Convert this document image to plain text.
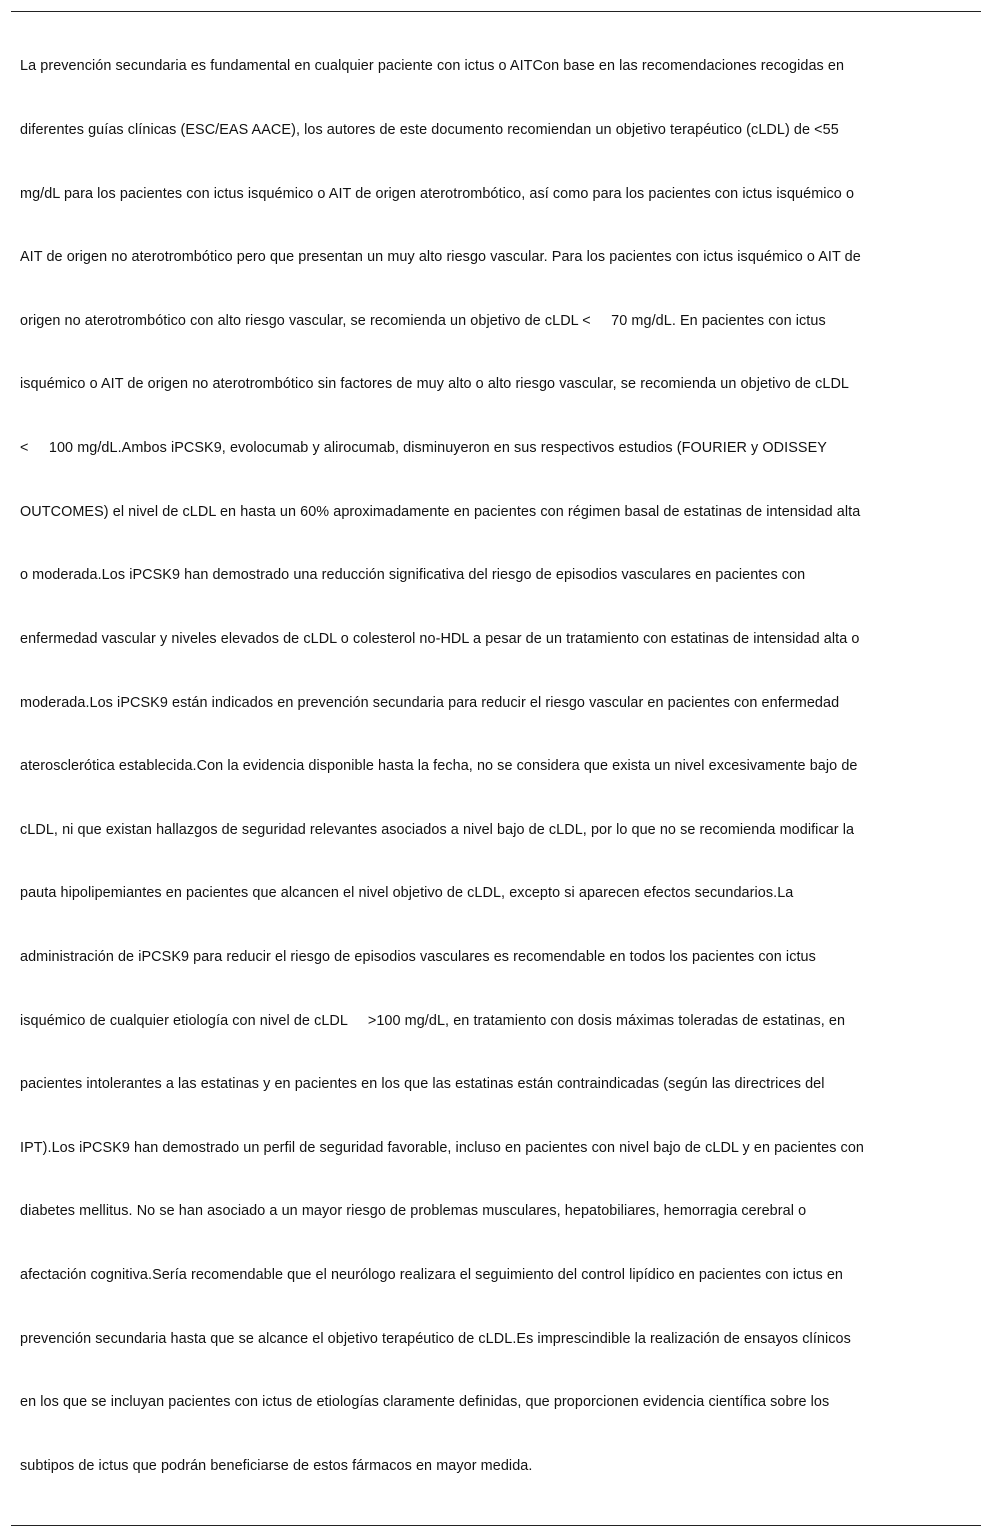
La prevención secundaria es fundamental en cualquier paciente con ictus o AITCon base en las recomendaciones recogidas en

diferentes guías clínicas (ESC/EAS AACE), los autores de este documento recomiendan un objetivo terapéutico (cLDL) de <55

mg/dL para los pacientes con ictus isquémico o AIT de origen aterotrombótico, así como para los pacientes con ictus isquémico o

AIT de origen no aterotrombótico pero que presentan un muy alto riesgo vascular. Para los pacientes con ictus isquémico o AIT de

origen no aterotrombótico con alto riesgo vascular, se recomienda un objetivo de cLDL <     70 mg/dL. En pacientes con ictus

isquémico o AIT de origen no aterotrombótico sin factores de muy alto o alto riesgo vascular, se recomienda un objetivo de cLDL

<     100 mg/dL.Ambos iPCSK9, evolocumab y alirocumab, disminuyeron en sus respectivos estudios (FOURIER y ODISSEY

OUTCOMES) el nivel de cLDL en hasta un 60% aproximadamente en pacientes con régimen basal de estatinas de intensidad alta

o moderada.Los iPCSK9 han demostrado una reducción significativa del riesgo de episodios vasculares en pacientes con

enfermedad vascular y niveles elevados de cLDL o colesterol no-HDL a pesar de un tratamiento con estatinas de intensidad alta o

moderada.Los iPCSK9 están indicados en prevención secundaria para reducir el riesgo vascular en pacientes con enfermedad

aterosclerótica establecida.Con la evidencia disponible hasta la fecha, no se considera que exista un nivel excesivamente bajo de

cLDL, ni que existan hallazgos de seguridad relevantes asociados a nivel bajo de cLDL, por lo que no se recomienda modificar la

pauta hipolipemiantes en pacientes que alcancen el nivel objetivo de cLDL, excepto si aparecen efectos secundarios.La

administración de iPCSK9 para reducir el riesgo de episodios vasculares es recomendable en todos los pacientes con ictus

isquémico de cualquier etiología con nivel de cLDL     >100 mg/dL, en tratamiento con dosis máximas toleradas de estatinas, en

pacientes intolerantes a las estatinas y en pacientes en los que las estatinas están contraindicadas (según las directrices del

IPT).Los iPCSK9 han demostrado un perfil de seguridad favorable, incluso en pacientes con nivel bajo de cLDL y en pacientes con

diabetes mellitus. No se han asociado a un mayor riesgo de problemas musculares, hepatobiliares, hemorragia cerebral o

afectación cognitiva.Sería recomendable que el neurólogo realizara el seguimiento del control lipídico en pacientes con ictus en

prevención secundaria hasta que se alcance el objetivo terapéutico de cLDL.Es imprescindible la realización de ensayos clínicos

en los que se incluyan pacientes con ictus de etiologías claramente definidas, que proporcionen evidencia científica sobre los

subtipos de ictus que podrán beneficiarse de estos fármacos en mayor medida.
